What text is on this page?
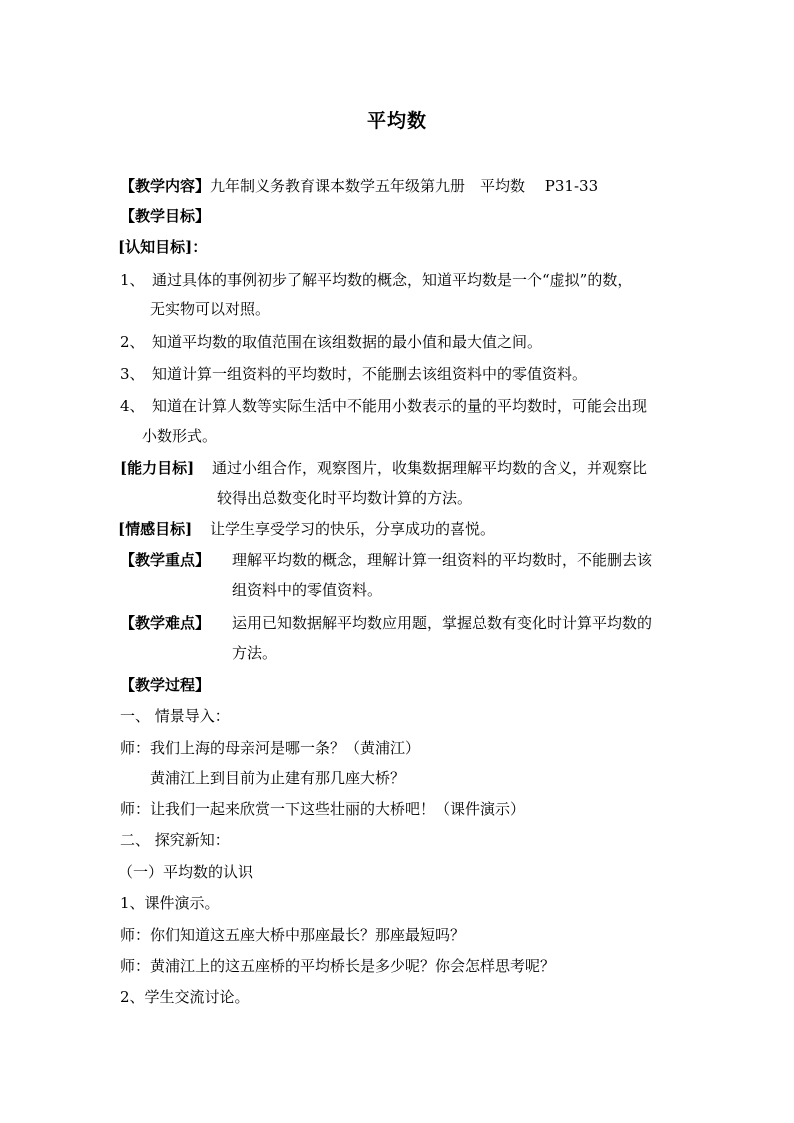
平均数
【教学内容】九年制义务教育课本数学五年级第九册　平均数　 P31-33
【教学目标】
[认知目标]：
1、 通过具体的事例初步了解平均数的概念，知道平均数是一个“虚拟”的数，
无实物可以对照。
2、 知道平均数的取值范围在该组数据的最小值和最大值之间。
3、 知道计算一组资料的平均数时，不能删去该组资料中的零值资料。
4、 知道在计算人数等实际生活中不能用小数表示的量的平均数时，可能会出现
小数形式。
[能力目标] 通过小组合作，观察图片，收集数据理解平均数的含义，并观察比
较得出总数变化时平均数计算的方法。
[情感目标] 让学生享受学习的快乐，分享成功的喜悦。
【教学重点】 理解平均数的概念，理解计算一组资料的平均数时，不能删去该
组资料中的零值资料。
【教学难点】 运用已知数据解平均数应用题，掌握总数有变化时计算平均数的
方法。
【教学过程】
一、 情景导入：
师：我们上海的母亲河是哪一条？（黄浦江）
黄浦江上到目前为止建有那几座大桥？
师：让我们一起来欣赏一下这些壮丽的大桥吧！（课件演示）
二、 探究新知：
（一）平均数的认识
1、课件演示。
师：你们知道这五座大桥中那座最长？那座最短吗？
师：黄浦江上的这五座桥的平均桥长是多少呢？你会怎样思考呢？
2、学生交流讨论。
